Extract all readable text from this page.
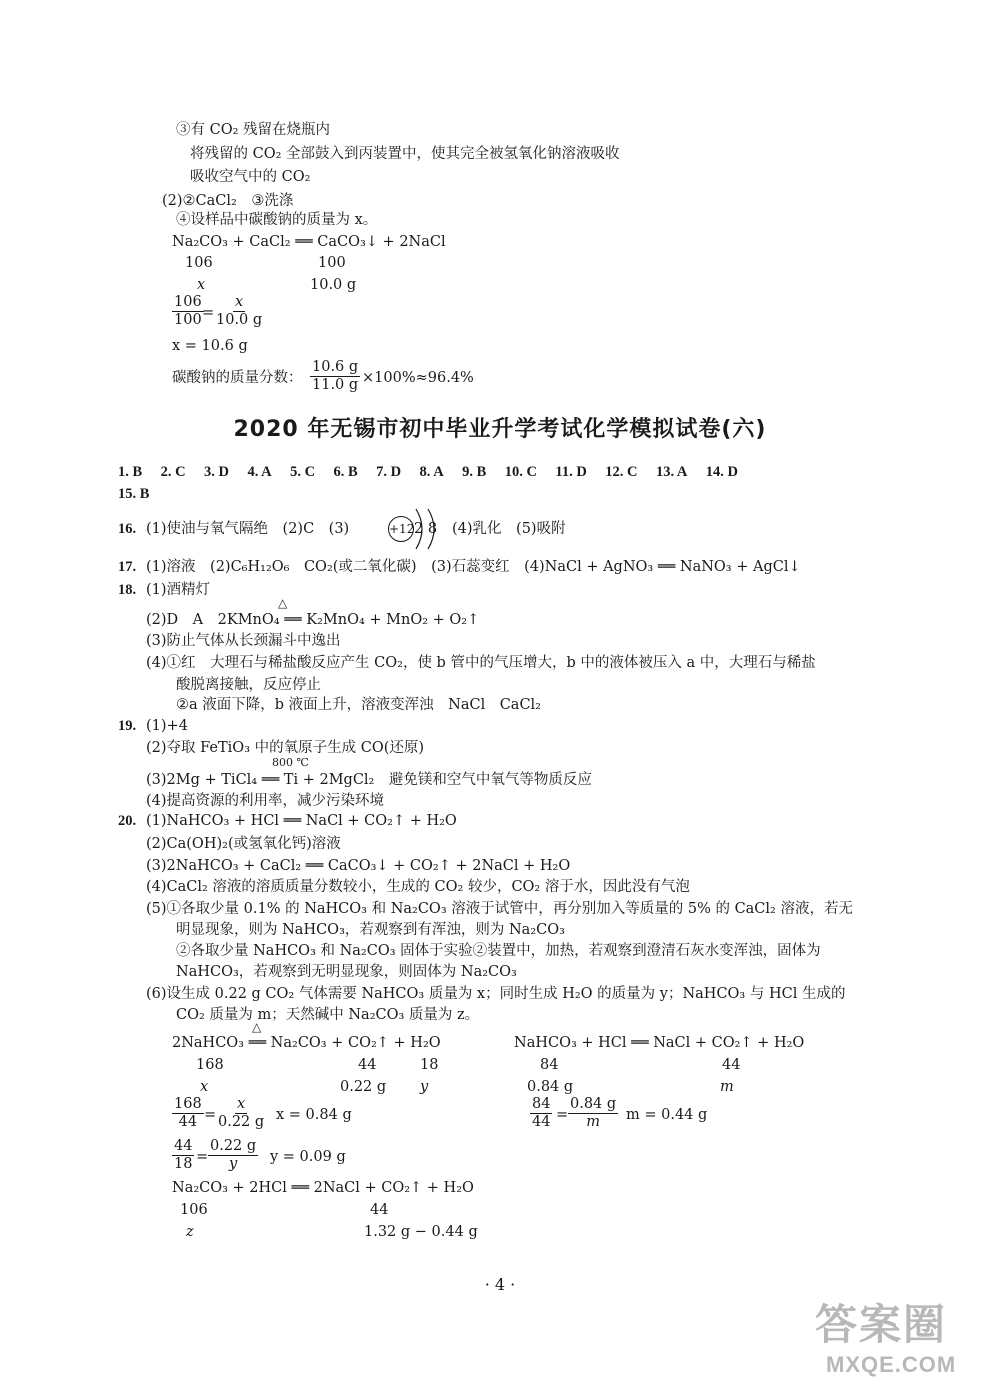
③有 CO₂ 残留在烧瓶内
将残留的 CO₂ 全部鼓入到丙装置中，使其完全被氢氧化钠溶液吸收
吸收空气中的 CO₂
(2)②CaCl₂　③洗涤
④设样品中碳酸钠的质量为 x。
Na₂CO₃ + CaCl₂ ══ CaCO₃↓ + 2NaCl
106	100
x	10.0 g
106
100 =
x
10.0 g
x = 10.6 g
碳酸钠的质量分数：
10.6 g
11.0 g ×100%≈96.4%
2020 年无锡市初中毕业升学考试化学模拟试卷(六)
1. B 2. C 3. D 4. A 5. C 6. B 7. D 8. A 9. B 10. C 11. D 12. C 13. A 14. D
15. B
16. (1)使油与氧气隔绝　(2)C　(3)	+12 2 8 (4)乳化　(5)吸附
17. (1)溶液　(2)C₆H₁₂O₆　CO₂(或二氧化碳)　(3)石蕊变红　(4)NaCl + AgNO₃ ══ NaNO₃ + AgCl↓
18. (1)酒精灯
△
(2)D　A　2KMnO₄ ══ K₂MnO₄ + MnO₂ + O₂↑
(3)防止气体从长颈漏斗中逸出
(4)①红　大理石与稀盐酸反应产生 CO₂，使 b 管中的气压增大，b 中的液体被压入 a 中，大理石与稀盐
酸脱离接触，反应停止
②a 液面下降，b 液面上升，溶液变浑浊　NaCl　CaCl₂
19. (1)+4
(2)夺取 FeTiO₃ 中的氧原子生成 CO(还原)
800 ℃
(3)2Mg + TiCl₄ ══ Ti + 2MgCl₂　避免镁和空气中氧气等物质反应
(4)提高资源的利用率，减少污染环境
20. (1)NaHCO₃ + HCl ══ NaCl + CO₂↑ + H₂O
(2)Ca(OH)₂(或氢氧化钙)溶液
(3)2NaHCO₃ + CaCl₂ ══ CaCO₃↓ + CO₂↑ + 2NaCl + H₂O
(4)CaCl₂ 溶液的溶质质量分数较小，生成的 CO₂ 较少，CO₂ 溶于水，因此没有气泡
(5)①各取少量 0.1% 的 NaHCO₃ 和 Na₂CO₃ 溶液于试管中，再分别加入等质量的 5% 的 CaCl₂ 溶液，若无
明显现象，则为 NaHCO₃，若观察到有浑浊，则为 Na₂CO₃
②各取少量 NaHCO₃ 和 Na₂CO₃ 固体于实验②装置中，加热，若观察到澄清石灰水变浑浊，固体为
NaHCO₃，若观察到无明显现象，则固体为 Na₂CO₃
(6)设生成 0.22 g CO₂ 气体需要 NaHCO₃ 质量为 x；同时生成 H₂O 的质量为 y；NaHCO₃ 与 HCl 生成的
CO₂ 质量为 m；天然碱中 Na₂CO₃ 质量为 z。
△
2NaHCO₃ ══ Na₂CO₃ + CO₂↑ + H₂O
168	44	18
x	0.22 g y
NaHCO₃ + HCl ══ NaCl + CO₂↑ + H₂O
84	44
0.84 g	m
168
44 =
x
0.22 g x = 0.84 g
84
44 =
0.84 g
m m = 0.44 g
44
18 =
0.22 g
y y = 0.09 g
Na₂CO₃ + 2HCl ══ 2NaCl + CO₂↑ + H₂O
106	44
z	1.32 g − 0.44 g
· 4 ·
答案圈
MXQE.COM
